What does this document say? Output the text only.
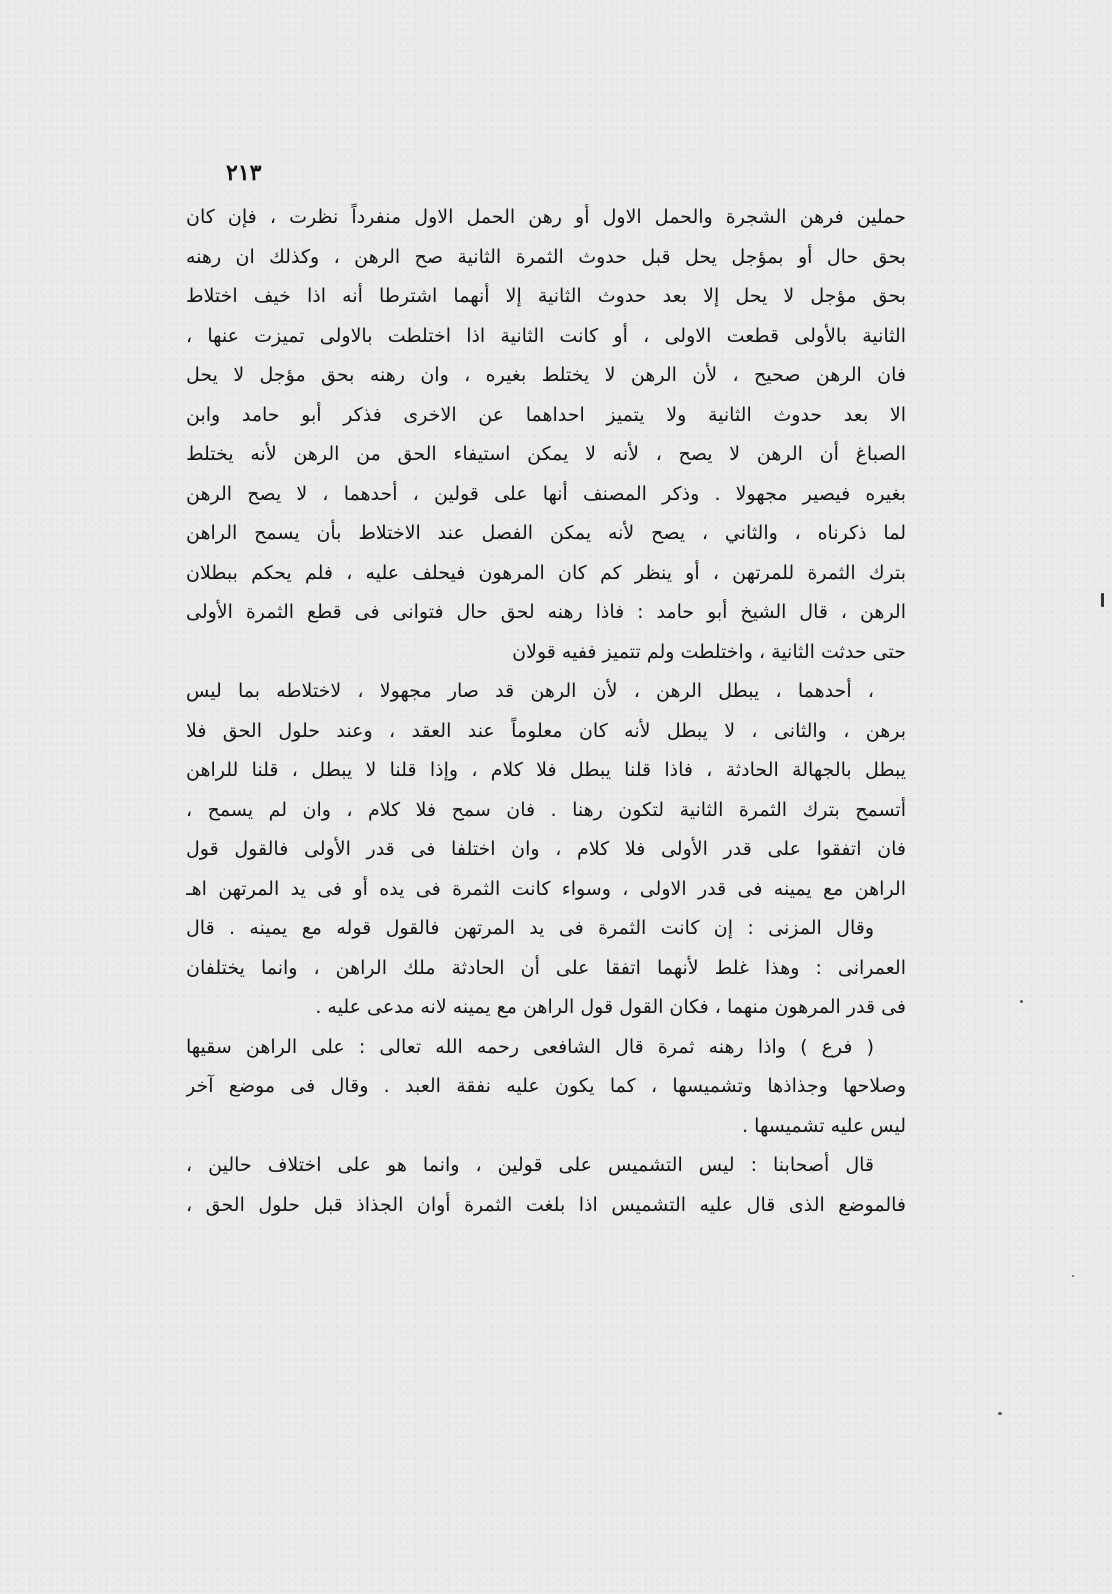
٢١٣
حملين فرهن الشجرة والحمل الاول أو رهن الحمل الاول منفرداً نظرت ، فإن كان
بحق حال أو بمؤجل يحل قبل حدوث الثمرة الثانية صح الرهن ، وكذلك ان رهنه
بحق مؤجل لا يحل إلا بعد حدوث الثانية إلا أنهما اشترطا أنه اذا خيف اختلاط
الثانية بالأولى قطعت الاولى ، أو كانت الثانية اذا اختلطت بالاولى تميزت عنها ،
فان الرهن صحيح ، لأن الرهن لا يختلط بغيره ، وان رهنه بحق مؤجل لا يحل
الا بعد حدوث الثانية ولا يتميز احداهما عن الاخرى فذكر أبو حامد وابن
الصباغ أن الرهن لا يصح ، لأنه لا يمكن استيفاء الحق من الرهن لأنه يختلط
بغيره فيصير مجهولا . وذكر المصنف أنها على قولين ، أحدهما ، لا يصح الرهن
لما ذكرناه ، والثاني ، يصح لأنه يمكن الفصل عند الاختلاط بأن يسمح الراهن
بترك الثمرة للمرتهن ، أو ينظر كم كان المرهون فيحلف عليه ، فلم يحكم ببطلان
الرهن ، قال الشيخ أبو حامد : فاذا رهنه لحق حال فتوانى فى قطع الثمرة الأولى
حتى حدثت الثانية ، واختلطت ولم تتميز ففيه قولان
، أحدهما ، يبطل الرهن ، لأن الرهن قد صار مجهولا ، لاختلاطه بما ليس
برهن ، والثانى ، لا يبطل لأنه كان معلوماً عند العقد ، وعند حلول الحق فلا
يبطل بالجهالة الحادثة ، فاذا قلنا يبطل فلا كلام ، وإذا قلنا لا يبطل ، قلنا للراهن
أتسمح بترك الثمرة الثانية لتكون رهنا . فان سمح فلا كلام ، وان لم يسمح ،
فان اتفقوا على قدر الأولى فلا كلام ، وان اختلفا فى قدر الأولى فالقول قول
الراهن مع يمينه فى قدر الاولى ، وسواء كانت الثمرة فى يده أو فى يد المرتهن اهـ
وقال المزنى : إن كانت الثمرة فى يد المرتهن فالقول قوله مع يمينه . قال
العمرانى : وهذا غلط لأنهما اتفقا على أن الحادثة ملك الراهن ، وانما يختلفان
فى قدر المرهون منهما ، فكان القول قول الراهن مع يمينه لانه مدعى عليه .
( فرع ) واذا رهنه ثمرة قال الشافعى رحمه الله تعالى : على الراهن سقيها
وصلاحها وجذاذها وتشميسها ، كما يكون عليه نفقة العبد . وقال فى موضع آخر
ليس عليه تشميسها .
قال أصحابنا : ليس التشميس على قولين ، وانما هو على اختلاف حالين ،
فالموضع الذى قال عليه التشميس اذا بلغت الثمرة أوان الجذاذ قبل حلول الحق ،
